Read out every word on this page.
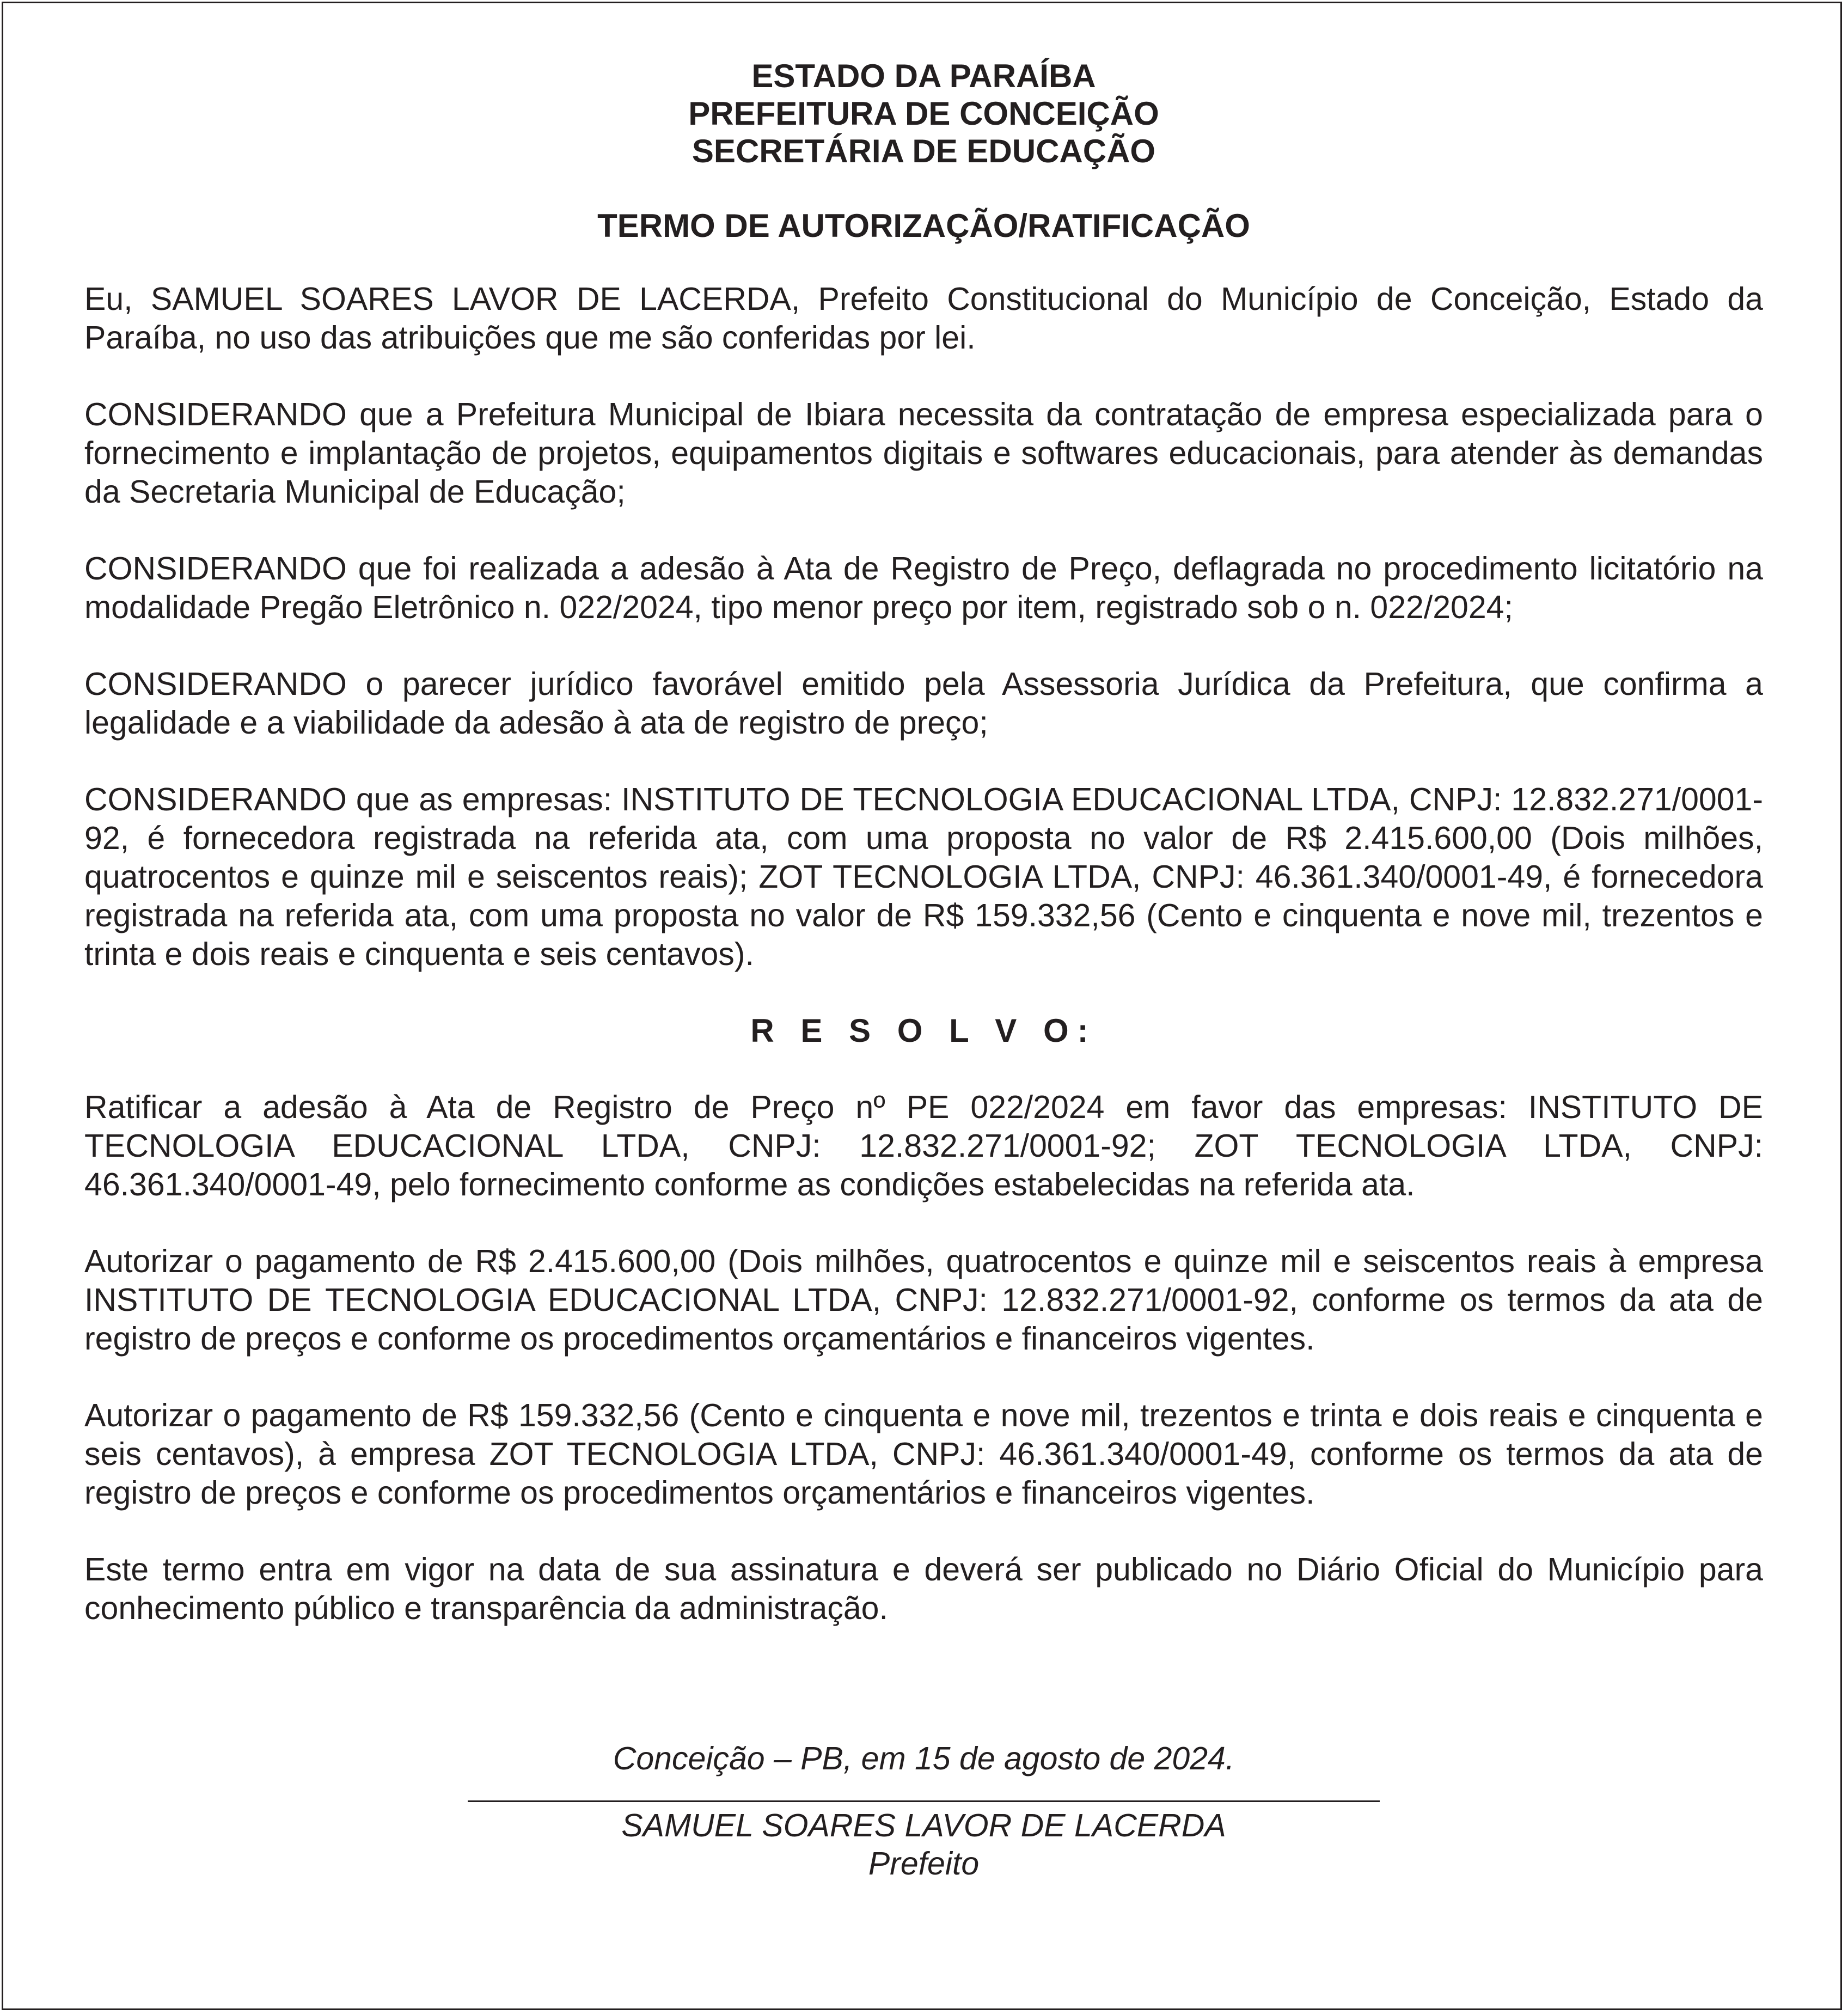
ESTADO DA PARAÍBA
PREFEITURA DE CONCEIÇÃO
SECRETÁRIA DE EDUCAÇÃO
TERMO DE AUTORIZAÇÃO/RATIFICAÇÃO

Eu, SAMUEL SOARES LAVOR DE LACERDA, Prefeito Constitucional do Município de Conceição, Estado da Paraíba, no uso das atribuições que me são conferidas por lei.

CONSIDERANDO que a Prefeitura Municipal de Ibiara necessita da contratação de empresa especializada para o fornecimento e implantação de projetos, equipamentos digitais e softwares educacionais, para atender às demandas da Secretaria Municipal de Educação;

CONSIDERANDO que foi realizada a adesão à Ata de Registro de Preço, deflagrada no procedimento licitatório na modalidade Pregão Eletrônico n. 022/2024, tipo menor preço por item, registrado sob o n. 022/2024;

CONSIDERANDO o parecer jurídico favorável emitido pela Assessoria Jurídica da Prefeitura, que confirma a legalidade e a viabilidade da adesão à ata de registro de preço;

CONSIDERANDO que as empresas: INSTITUTO DE TECNOLOGIA EDUCACIONAL LTDA, CNPJ: 12.832.271/0001-92, é fornecedora registrada na referida ata, com uma proposta no valor de R$ 2.415.600,00 (Dois milhões, quatrocentos e quinze mil e seiscentos reais); ZOT TECNOLOGIA LTDA, CNPJ: 46.361.340/0001-49, é fornecedora registrada na referida ata, com uma proposta no valor de R$ 159.332,56 (Cento e cinquenta e nove mil, trezentos e trinta e dois reais e cinquenta e seis centavos).

R E S O L V O:

Ratificar a adesão à Ata de Registro de Preço nº PE 022/2024 em favor das empresas: INSTITUTO DE TECNOLOGIA EDUCACIONAL LTDA, CNPJ: 12.832.271/0001-92; ZOT TECNOLOGIA LTDA, CNPJ: 46.361.340/0001-49, pelo fornecimento conforme as condições estabelecidas na referida ata.

Autorizar o pagamento de R$ 2.415.600,00 (Dois milhões, quatrocentos e quinze mil e seiscentos reais à empresa INSTITUTO DE TECNOLOGIA EDUCACIONAL LTDA, CNPJ: 12.832.271/0001-92, conforme os termos da ata de registro de preços e conforme os procedimentos orçamentários e financeiros vigentes.

Autorizar o pagamento de R$ 159.332,56 (Cento e cinquenta e nove mil, trezentos e trinta e dois reais e cinquenta e seis centavos), à empresa ZOT TECNOLOGIA LTDA, CNPJ: 46.361.340/0001-49, conforme os termos da ata de registro de preços e conforme os procedimentos orçamentários e financeiros vigentes.

Este termo entra em vigor na data de sua assinatura e deverá ser publicado no Diário Oficial do Município para conhecimento público e transparência da administração.

Conceição – PB, em 15 de agosto de 2024.
SAMUEL SOARES LAVOR DE LACERDA
Prefeito
